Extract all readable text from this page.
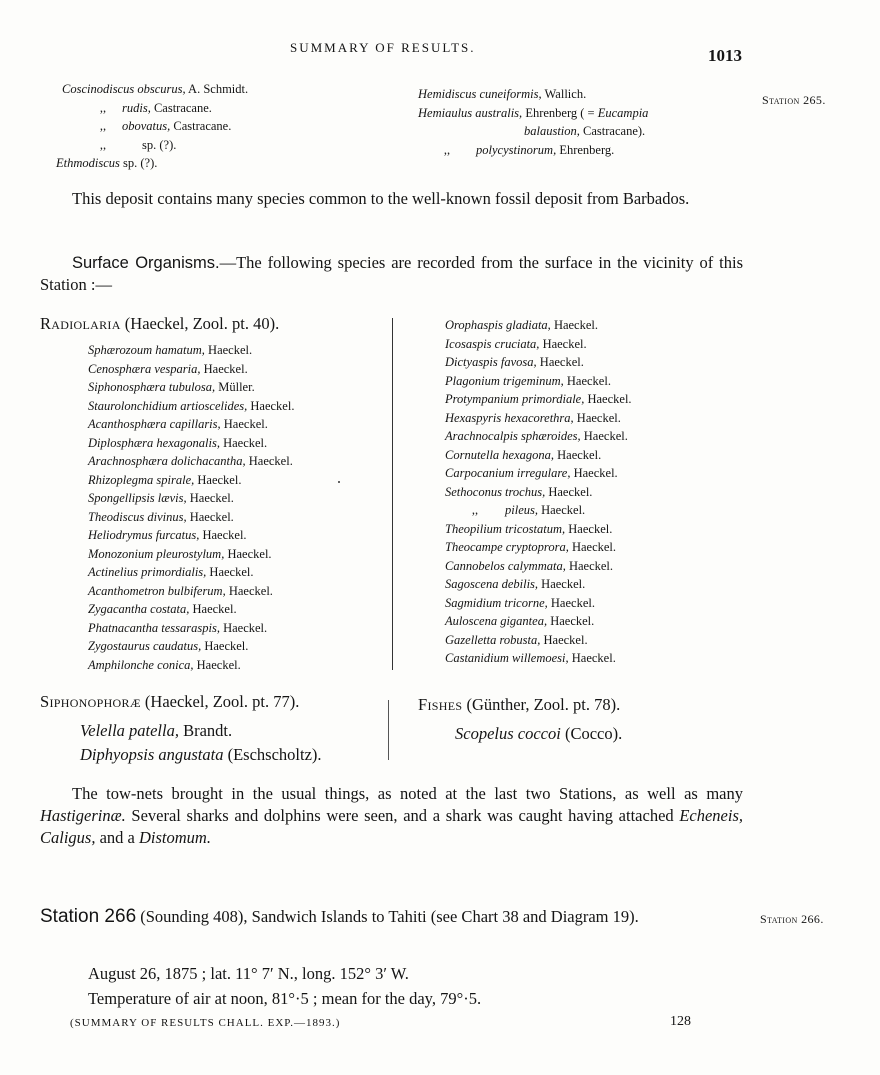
SUMMARY OF RESULTS.	1013
Station 265.
Coscinodiscus obscurus, A. Schmidt.
,, rudis, Castracane.
,, obovatus, Castracane.
,,	sp. (?).
Ethmodiscus sp. (?).
Hemidiscus cuneiformis, Wallich.
Hemiaulus australis, Ehrenberg ( = Eucampia
balaustion, Castracane).
,, polycystinorum, Ehrenberg.
This deposit contains many species common to the well-known fossil deposit from Barbados.
Surface Organisms.—The following species are recorded from the surface in the vicinity of this Station :—
Radiolaria (Haeckel, Zool. pt. 40).
Sphærozoum hamatum, Haeckel.
Cenosphæra vesparia, Haeckel.
Siphonosphæra tubulosa, Müller.
Staurolonchidium artioscelides, Haeckel.
Acanthosphæra capillaris, Haeckel.
Diplosphæra hexagonalis, Haeckel.
Arachnosphæra dolichacantha, Haeckel.
Rhizoplegma spirale, Haeckel.
Spongellipsis lævis, Haeckel.
Theodiscus divinus, Haeckel.
Heliodrymus furcatus, Haeckel.
Monozonium pleurostylum, Haeckel.
Actinelius primordialis, Haeckel.
Acanthometron bulbiferum, Haeckel.
Zygacantha costata, Haeckel.
Phatnacantha tessaraspis, Haeckel.
Zygostaurus caudatus, Haeckel.
Amphilonche conica, Haeckel.
Orophaspis gladiata, Haeckel.
Icosaspis cruciata, Haeckel.
Dictyaspis favosa, Haeckel.
Plagonium trigeminum, Haeckel.
Protympanium primordiale, Haeckel.
Hexaspyris hexacorethra, Haeckel.
Arachnocalpis sphæroides, Haeckel.
Cornutella hexagona, Haeckel.
Carpocanium irregulare, Haeckel.
Sethoconus trochus, Haeckel.
,, pileus, Haeckel.
Theopilium tricostatum, Haeckel.
Theocampe cryptoprora, Haeckel.
Cannobelos calymmata, Haeckel.
Sagoscena debilis, Haeckel.
Sagmidium tricorne, Haeckel.
Auloscena gigantea, Haeckel.
Gazelletta robusta, Haeckel.
Castanidium willemoesi, Haeckel.
Siphonophoræ (Haeckel, Zool. pt. 77).
Velella patella, Brandt.
Diphyopsis angustata (Eschscholtz).
Fishes (Günther, Zool. pt. 78).
Scopelus coccoi (Cocco).
The tow-nets brought in the usual things, as noted at the last two Stations, as well as many Hastigerinæ. Several sharks and dolphins were seen, and a shark was caught having attached Echeneis, Caligus, and a Distomum.
Station 266 (Sounding 408), Sandwich Islands to Tahiti (see Chart 38 and Diagram 19).	Station 266.
August 26, 1875 ; lat. 11° 7′ N., long. 152° 3′ W.
Temperature of air at noon, 81°·5 ; mean for the day, 79°·5.
(SUMMARY OF RESULTS CHALL. EXP.—1893.)	128
